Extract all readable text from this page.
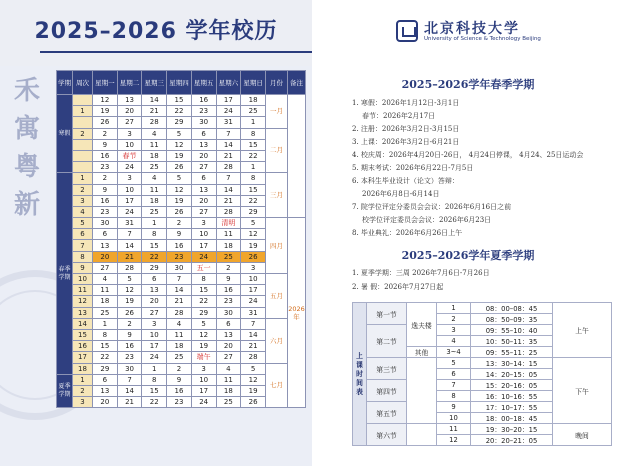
2025–2026 学年校历
禾
寓
粤
新
学期	周次	星期一	星期二	星期三	星期四	星期五	星期六	星期日	月份	备注
寒假		12	13	14	15	16	17	18	一月	
	1	19	20	21	22	23	24	25		
		26	27	28	29	30	31	1		
	2	2	3	4	5	6	7	8	二月	
		9	10	11	12	13	14	15		
		16	春节	18	19	20	21	22		
		23	24	25	26	27	28	1		
春季学期	1	2	3	4	5	6	7	8	三月	
	2	9	10	11	12	13	14	15		
	3	16	17	18	19	20	21	22		
	4	23	24	25	26	27	28	29		
	5	30	31	1	2	3	清明	5	四月	2026年
	6	6	7	8	9	10	11	12		
	7	13	14	15	16	17	18	19		
	8	20	21	22	23	24	25	26		
	9	27	28	29	30	五一	2	3		
	10	4	5	6	7	8	9	10	五月	
	11	11	12	13	14	15	16	17		
	12	18	19	20	21	22	23	24		
	13	25	26	27	28	29	30	31		
	14	1	2	3	4	5	6	7	六月	
	15	8	9	10	11	12	13	14		
	16	15	16	17	18	19	20	21		
	17	22	23	24	25	端午	27	28		
	18	29	30	1	2	3	4	5	七月	
夏季学期	1	6	7	8	9	10	11	12		
	2	13	14	15	16	17	18	19		
	3	20	21	22	23	24	25	26		
北京科技大学
University of Science & Technology Beijing
2025–2026学年春季学期
1. 寒假：2026年1月12日-3月1日
春节：2026年2月17日
2. 注册：2026年3月2日-3月15日
3. 上课：2026年3月2日-6月21日
4. 校庆周：2026年4月20日-26日， 4月24日停课， 4月24、25日运动会
5. 期末考试：2026年6月22日-7月5日
6. 本科生毕业设计（论文）答辩：
2026年6月8日-6月14日
7. 院学位评定分委员会会议：2026年6月16日之前
校学位评定委员会会议：2026年6月23日
8. 毕业典礼：2026年6月26日上午
2025–2026学年夏季学期
1. 夏季学期：三周 2026年7月6日-7月26日
2. 暑 假：2026年7月27日起
上课时间表	第一节	逸夫楼	1	08：00–08：45	上午
			2	08：50–09：35	
	第二节		3	09：55–10：40	
			4	10：50–11：35	
		其他	3~4	09：55–11：25	
	第三节		5	13：30–14：15	下午
			6	14：20–15：05	
	第四节		7	15：20–16：05	
			8	16：10–16：55	
	第五节		9	17：10–17：55	
			10	18：00–18：45	
	第六节		11	19：30–20：15	晚间
			12	20：20–21：05	
